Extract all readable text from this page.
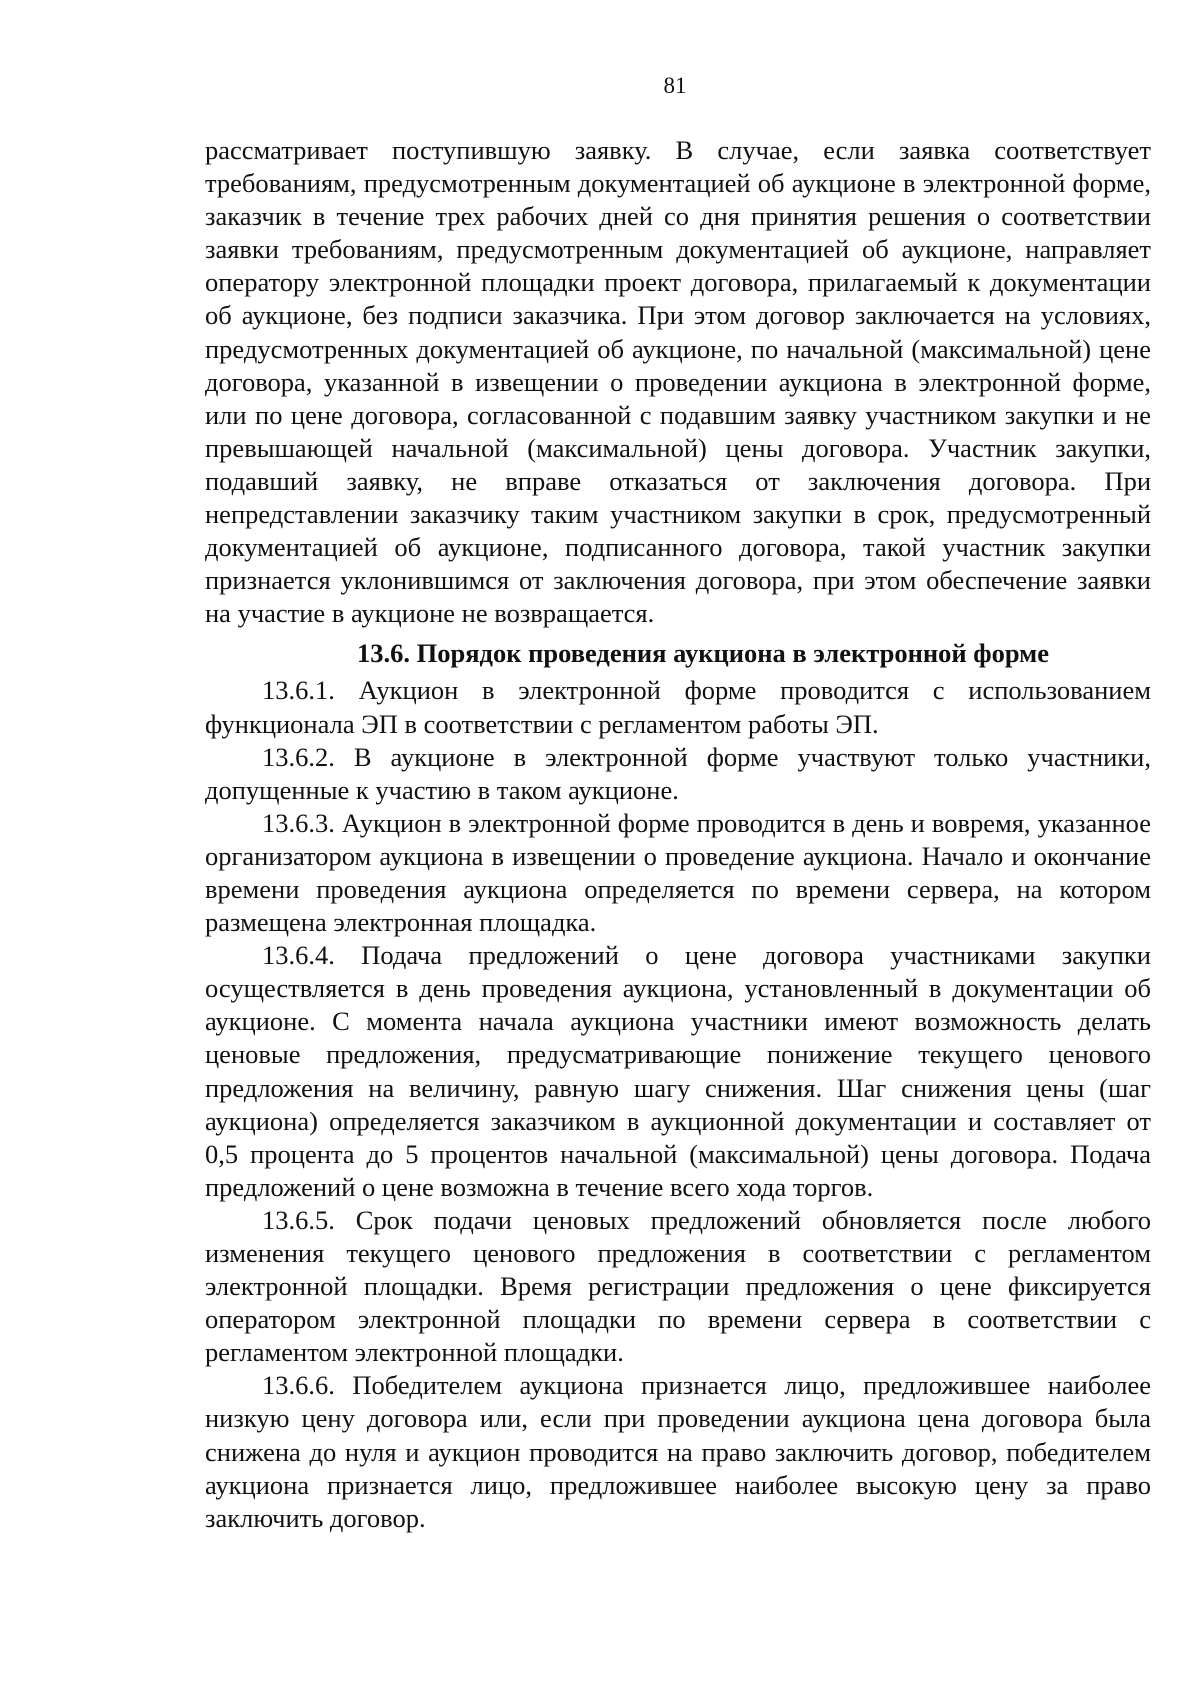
81

рассматривает поступившую заявку. В случае, если заявка соответствует требованиям, предусмотренным документацией об аукционе в электронной форме, заказчик в течение трех рабочих дней со дня принятия решения о соответствии заявки требованиям, предусмотренным документацией об аукционе, направляет оператору электронной площадки проект договора, прилагаемый к документации об аукционе, без подписи заказчика. При этом договор заключается на условиях, предусмотренных документацией об аукционе, по начальной (максимальной) цене договора, указанной в извещении о проведении аукциона в электронной форме, или по цене договора, согласованной с подавшим заявку участником закупки и не превышающей начальной (максимальной) цены договора. Участник закупки, подавший заявку, не вправе отказаться от заключения договора. При непредставлении заказчику таким участником закупки в срок, предусмотренный документацией об аукционе, подписанного договора, такой участник закупки признается уклонившимся от заключения договора, при этом обеспечение заявки на участие в аукционе не возвращается.

13.6. Порядок проведения аукциона в электронной форме

13.6.1. Аукцион в электронной форме проводится с использованием функционала ЭП в соответствии с регламентом работы ЭП.

13.6.2. В аукционе в электронной форме участвуют только участники, допущенные к участию в таком аукционе.

13.6.3. Аукцион в электронной форме проводится в день и вовремя, указанное организатором аукциона в извещении о проведение аукциона. Начало и окончание времени проведения аукциона определяется по времени сервера, на котором размещена электронная площадка.

13.6.4. Подача предложений о цене договора участниками закупки осуществляется в день проведения аукциона, установленный в документации об аукционе. С момента начала аукциона участники имеют возможность делать ценовые предложения, предусматривающие понижение текущего ценового предложения на величину, равную шагу снижения. Шаг снижения цены (шаг аукциона) определяется заказчиком в аукционной документации и составляет от 0,5 процента до 5 процентов начальной (максимальной) цены договора. Подача предложений о цене возможна в течение всего хода торгов.

13.6.5. Срок подачи ценовых предложений обновляется после любого изменения текущего ценового предложения в соответствии с регламентом электронной площадки. Время регистрации предложения о цене фиксируется оператором электронной площадки по времени сервера в соответствии с регламентом электронной площадки.

13.6.6. Победителем аукциона признается лицо, предложившее наиболее низкую цену договора или, если при проведении аукциона цена договора была снижена до нуля и аукцион проводится на право заключить договор, победителем аукциона признается лицо, предложившее наиболее высокую цену за право заключить договор.
